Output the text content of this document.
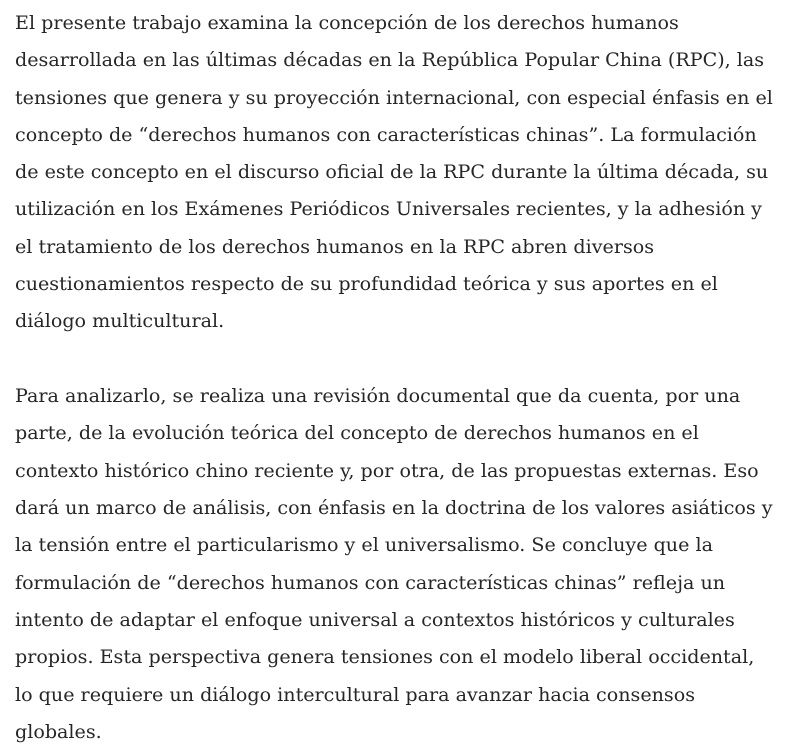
El presente trabajo examina la concepción de los derechos humanos desarrollada en las últimas décadas en la República Popular China (RPC), las tensiones que genera y su proyección internacional, con especial énfasis en el concepto de “derechos humanos con características chinas”. La formulación de este concepto en el discurso oficial de la RPC durante la última década, su utilización en los Exámenes Periódicos Universales recientes, y la adhesión y el tratamiento de los derechos humanos en la RPC abren diversos cuestionamientos respecto de su profundidad teórica y sus aportes en el diálogo multicultural.

Para analizarlo, se realiza una revisión documental que da cuenta, por una parte, de la evolución teórica del concepto de derechos humanos en el contexto histórico chino reciente y, por otra, de las propuestas externas. Eso dará un marco de análisis, con énfasis en la doctrina de los valores asiáticos y la tensión entre el particularismo y el universalismo. Se concluye que la formulación de “derechos humanos con características chinas” refleja un intento de adaptar el enfoque universal a contextos históricos y culturales propios. Esta perspectiva genera tensiones con el modelo liberal occidental, lo que requiere un diálogo intercultural para avanzar hacia consensos globales.
